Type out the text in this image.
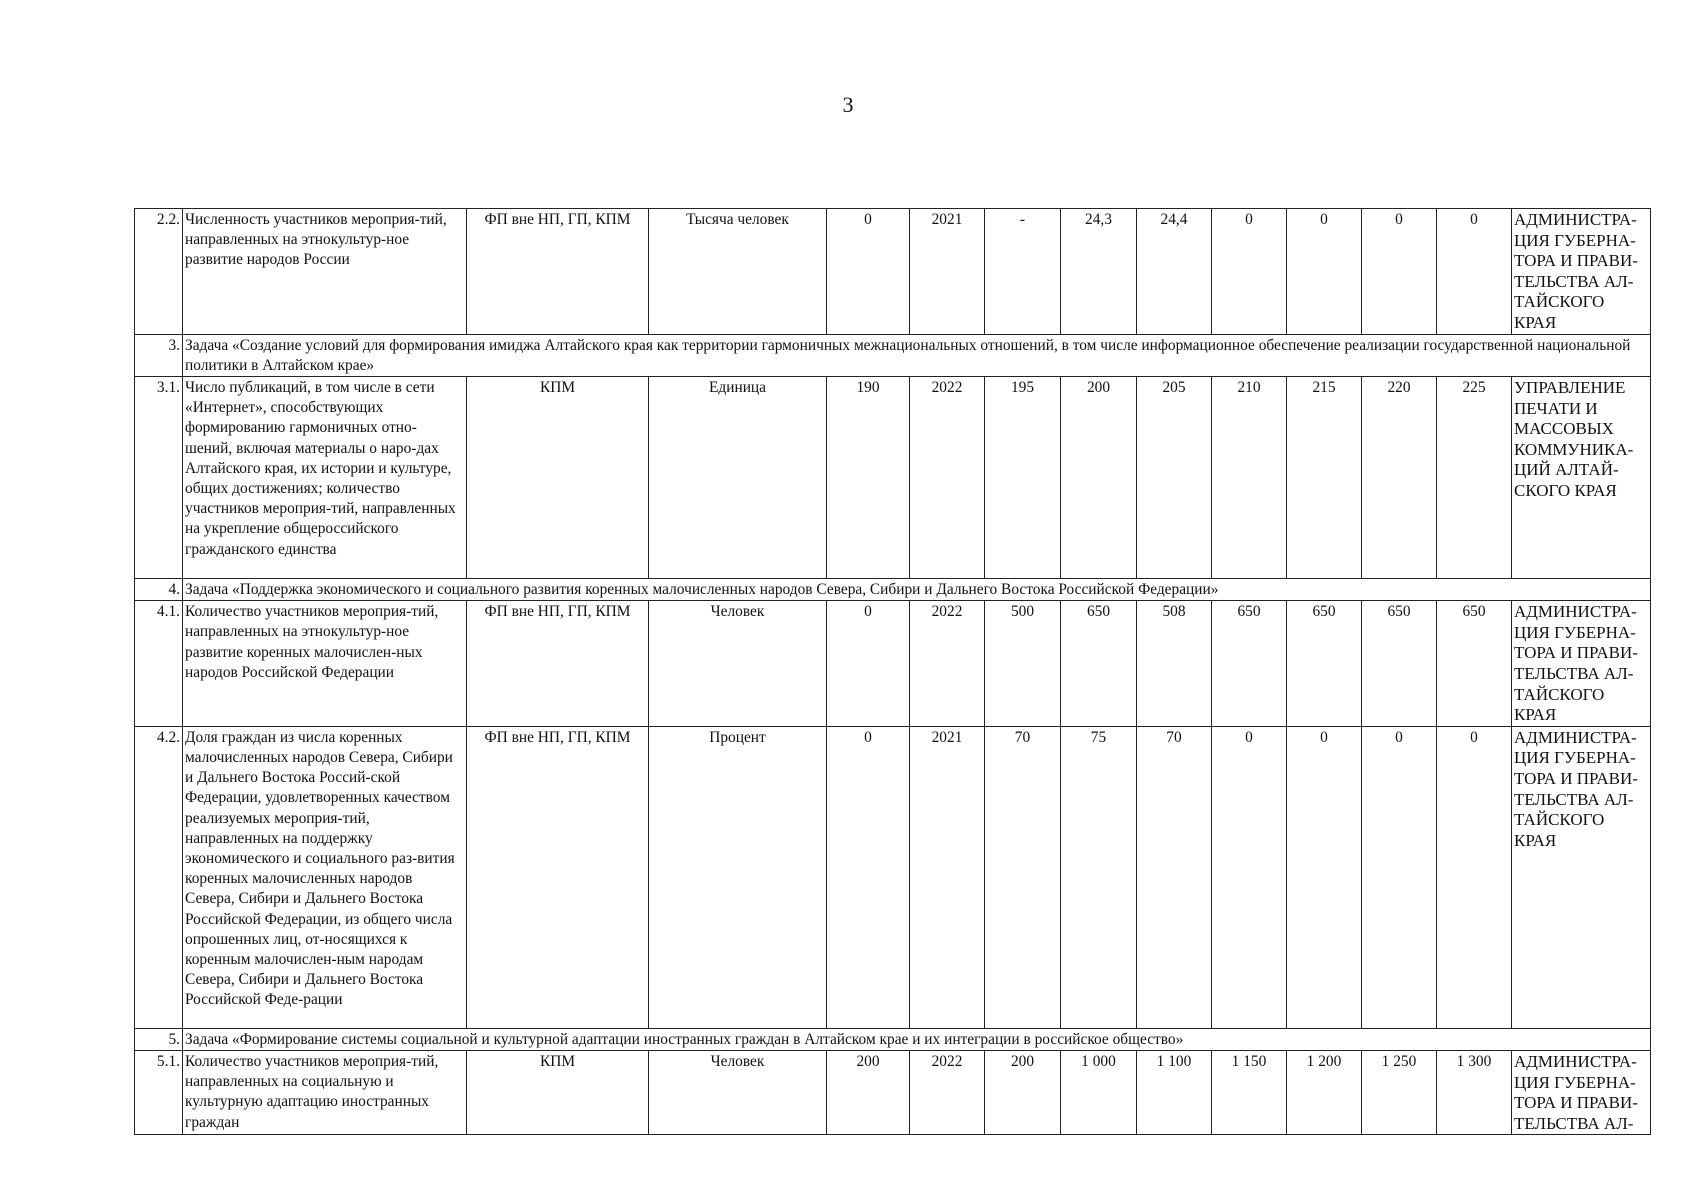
3
2.2.	Численность участников мероприя-тий, направленных на этнокультур-ное развитие народов России	ФП вне НП, ГП, КПМ	Тысяча человек	0	2021	-	24,3	24,4	0	0	0	0	АДМИНИСТРА-ЦИЯ ГУБЕРНА-ТОРА И ПРАВИ-ТЕЛЬСТВА АЛ-ТАЙСКОГО КРАЯ
3.	Задача «Создание условий для формирования имиджа Алтайского края как территории гармоничных межнациональных отношений, в том числе информационное обеспечение реализации государственной национальной политики в Алтайском крае»												
3.1.	Число публикаций, в том числе в сети «Интернет», способствующих формированию гармоничных отно-шений, включая материалы о наро-дах Алтайского края, их истории и культуре, общих достижениях; количество участников мероприя-тий, направленных на укрепление общероссийского гражданского единства	КПМ	Единица	190	2022	195	200	205	210	215	220	225	УПРАВЛЕНИЕ ПЕЧАТИ И МАССОВЫХ КОММУНИКА-ЦИЙ АЛТАЙ-СКОГО КРАЯ
4.	Задача «Поддержка экономического и социального развития коренных малочисленных народов Севера, Сибири и Дальнего Востока Российской Федерации»												
4.1.	Количество участников мероприя-тий, направленных на этнокультур-ное развитие коренных малочислен-ных народов Российской Федерации	ФП вне НП, ГП, КПМ	Человек	0	2022	500	650	508	650	650	650	650	АДМИНИСТРА-ЦИЯ ГУБЕРНА-ТОРА И ПРАВИ-ТЕЛЬСТВА АЛ-ТАЙСКОГО КРАЯ
4.2.	Доля граждан из числа коренных малочисленных народов Севера, Сибири и Дальнего Востока Россий-ской Федерации, удовлетворенных качеством реализуемых мероприя-тий, направленных на поддержку экономического и социального раз-вития коренных малочисленных народов Севера, Сибири и Дальнего Востока Российской Федерации, из общего числа опрошенных лиц, от-носящихся к коренным малочислен-ным народам Севера, Сибири и Дальнего Востока Российской Феде-рации	ФП вне НП, ГП, КПМ	Процент	0	2021	70	75	70	0	0	0	0	АДМИНИСТРА-ЦИЯ ГУБЕРНА-ТОРА И ПРАВИ-ТЕЛЬСТВА АЛ-ТАЙСКОГО КРАЯ
5.	Задача «Формирование системы социальной и культурной адаптации иностранных граждан в Алтайском крае и их интеграции в российское общество»												
5.1.	Количество участников мероприя-тий, направленных на социальную и культурную адаптацию иностранных граждан	КПМ	Человек	200	2022	200	1 000	1 100	1 150	1 200	1 250	1 300	АДМИНИСТРА-ЦИЯ ГУБЕРНА-ТОРА И ПРАВИ-ТЕЛЬСТВА АЛ-
